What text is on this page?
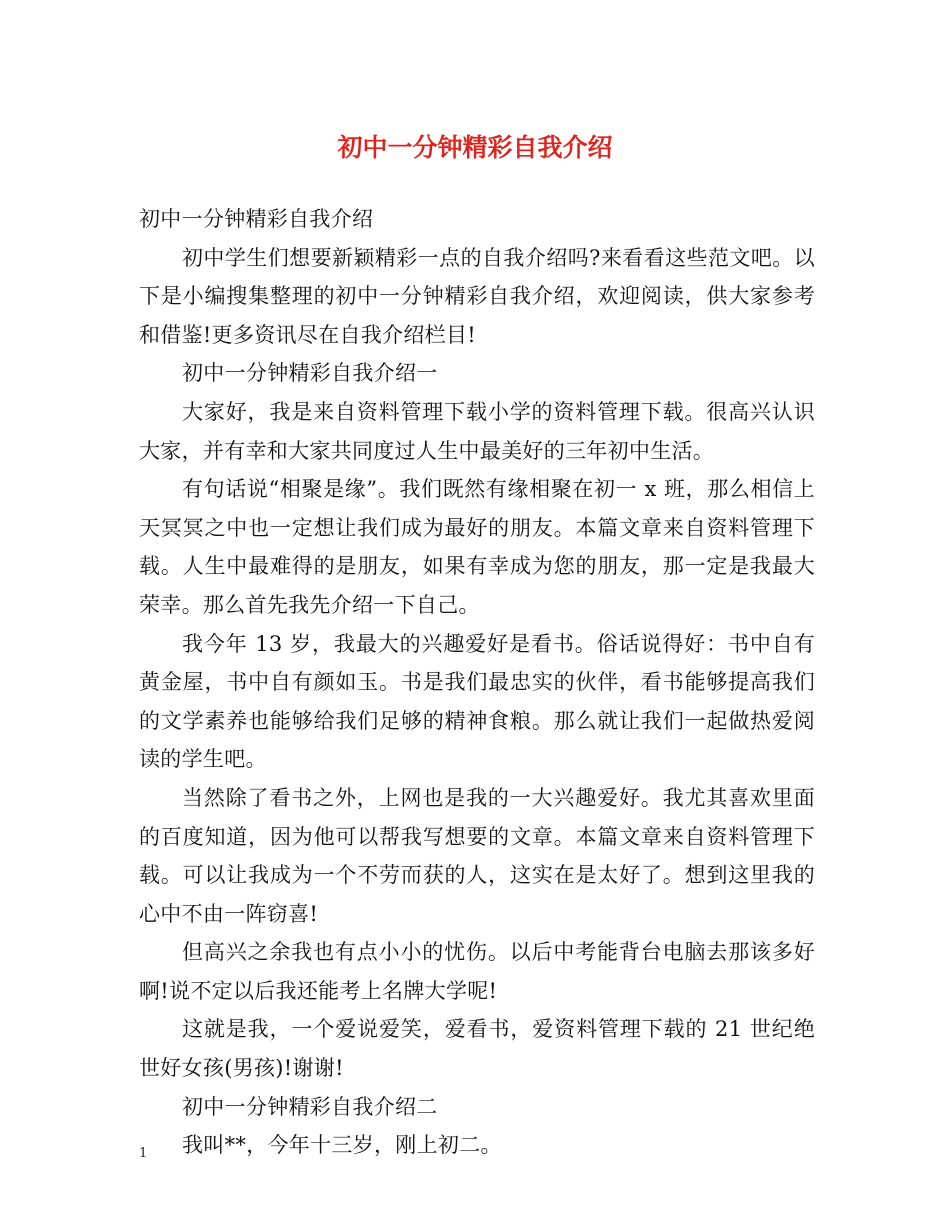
初中一分钟精彩自我介绍

初中一分钟精彩自我介绍

初中学生们想要新颖精彩一点的自我介绍吗?来看看这些范文吧。以下是小编搜集整理的初中一分钟精彩自我介绍，欢迎阅读，供大家参考和借鉴!更多资讯尽在自我介绍栏目!

初中一分钟精彩自我介绍一

大家好，我是来自资料管理下载小学的资料管理下载。很高兴认识大家，并有幸和大家共同度过人生中最美好的三年初中生活。

有句话说“相聚是缘”。我们既然有缘相聚在初一 x 班，那么相信上天冥冥之中也一定想让我们成为最好的朋友。本篇文章来自资料管理下载。人生中最难得的是朋友，如果有幸成为您的朋友，那一定是我最大荣幸。那么首先我先介绍一下自己。

我今年 13 岁，我最大的兴趣爱好是看书。俗话说得好：书中自有黄金屋，书中自有颜如玉。书是我们最忠实的伙伴，看书能够提高我们的文学素养也能够给我们足够的精神食粮。那么就让我们一起做热爱阅读的学生吧。

当然除了看书之外，上网也是我的一大兴趣爱好。我尤其喜欢里面的百度知道，因为他可以帮我写想要的文章。本篇文章来自资料管理下载。可以让我成为一个不劳而获的人，这实在是太好了。想到这里我的心中不由一阵窃喜!

但高兴之余我也有点小小的忧伤。以后中考能背台电脑去那该多好啊!说不定以后我还能考上名牌大学呢!

这就是我，一个爱说爱笑，爱看书，爱资料管理下载的 21 世纪绝世好女孩(男孩)!谢谢!

初中一分钟精彩自我介绍二

我叫**，今年十三岁，刚上初二。

1
